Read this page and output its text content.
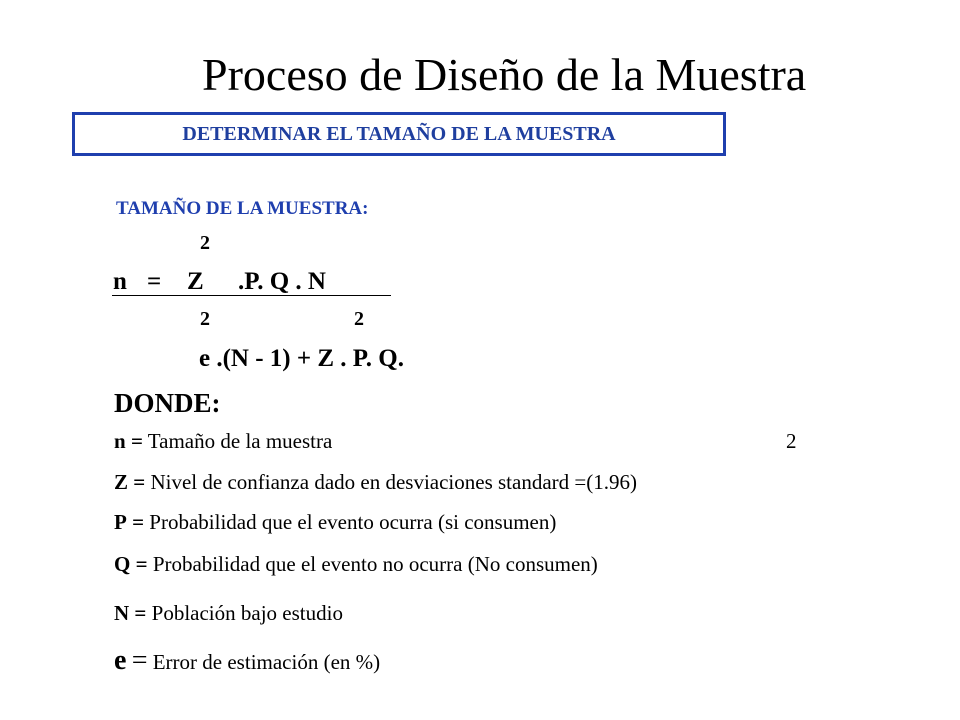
Proceso de Diseño de la Muestra
DETERMINAR EL TAMAÑO DE LA MUESTRA
TAMAÑO DE LA MUESTRA:
2
n = Z .P. Q . N
2	2
e .(N - 1) + Z . P. Q.
DONDE:
n = Tamaño de la muestra	2
Z = Nivel de confianza dado en desviaciones standard =(1.96)
P = Probabilidad que el evento ocurra (si consumen)
Q = Probabilidad que el evento no ocurra (No consumen)
N = Población bajo estudio
e = Error de estimación (en %)
